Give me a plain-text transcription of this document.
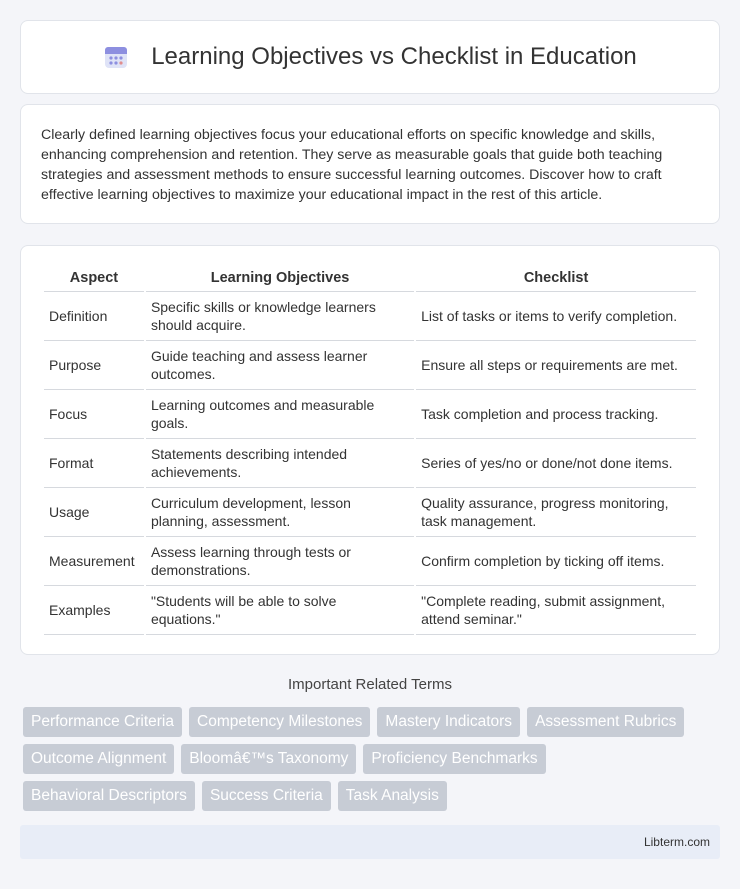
Learning Objectives vs Checklist in Education

Clearly defined learning objectives focus your educational efforts on specific knowledge and skills, enhancing comprehension and retention. They serve as measurable goals that guide both teaching strategies and assessment methods to ensure successful learning outcomes. Discover how to craft effective learning objectives to maximize your educational impact in the rest of this article.

Aspect	Learning Objectives	Checklist
Definition	Specific skills or knowledge learners should acquire.	List of tasks or items to verify completion.
Purpose	Guide teaching and assess learner outcomes.	Ensure all steps or requirements are met.
Focus	Learning outcomes and measurable goals.	Task completion and process tracking.
Format	Statements describing intended achievements.	Series of yes/no or done/not done items.
Usage	Curriculum development, lesson planning, assessment.	Quality assurance, progress monitoring, task management.
Measurement	Assess learning through tests or demonstrations.	Confirm completion by ticking off items.
Examples	"Students will be able to solve equations."	"Complete reading, submit assignment, attend seminar."
Important Related Terms
Performance Criteria	Competency Milestones	Mastery Indicators	Assessment Rubrics
Outcome Alignment	Bloomâ€™s Taxonomy	Proficiency Benchmarks
Behavioral Descriptors	Success Criteria	Task Analysis
Libterm.com
